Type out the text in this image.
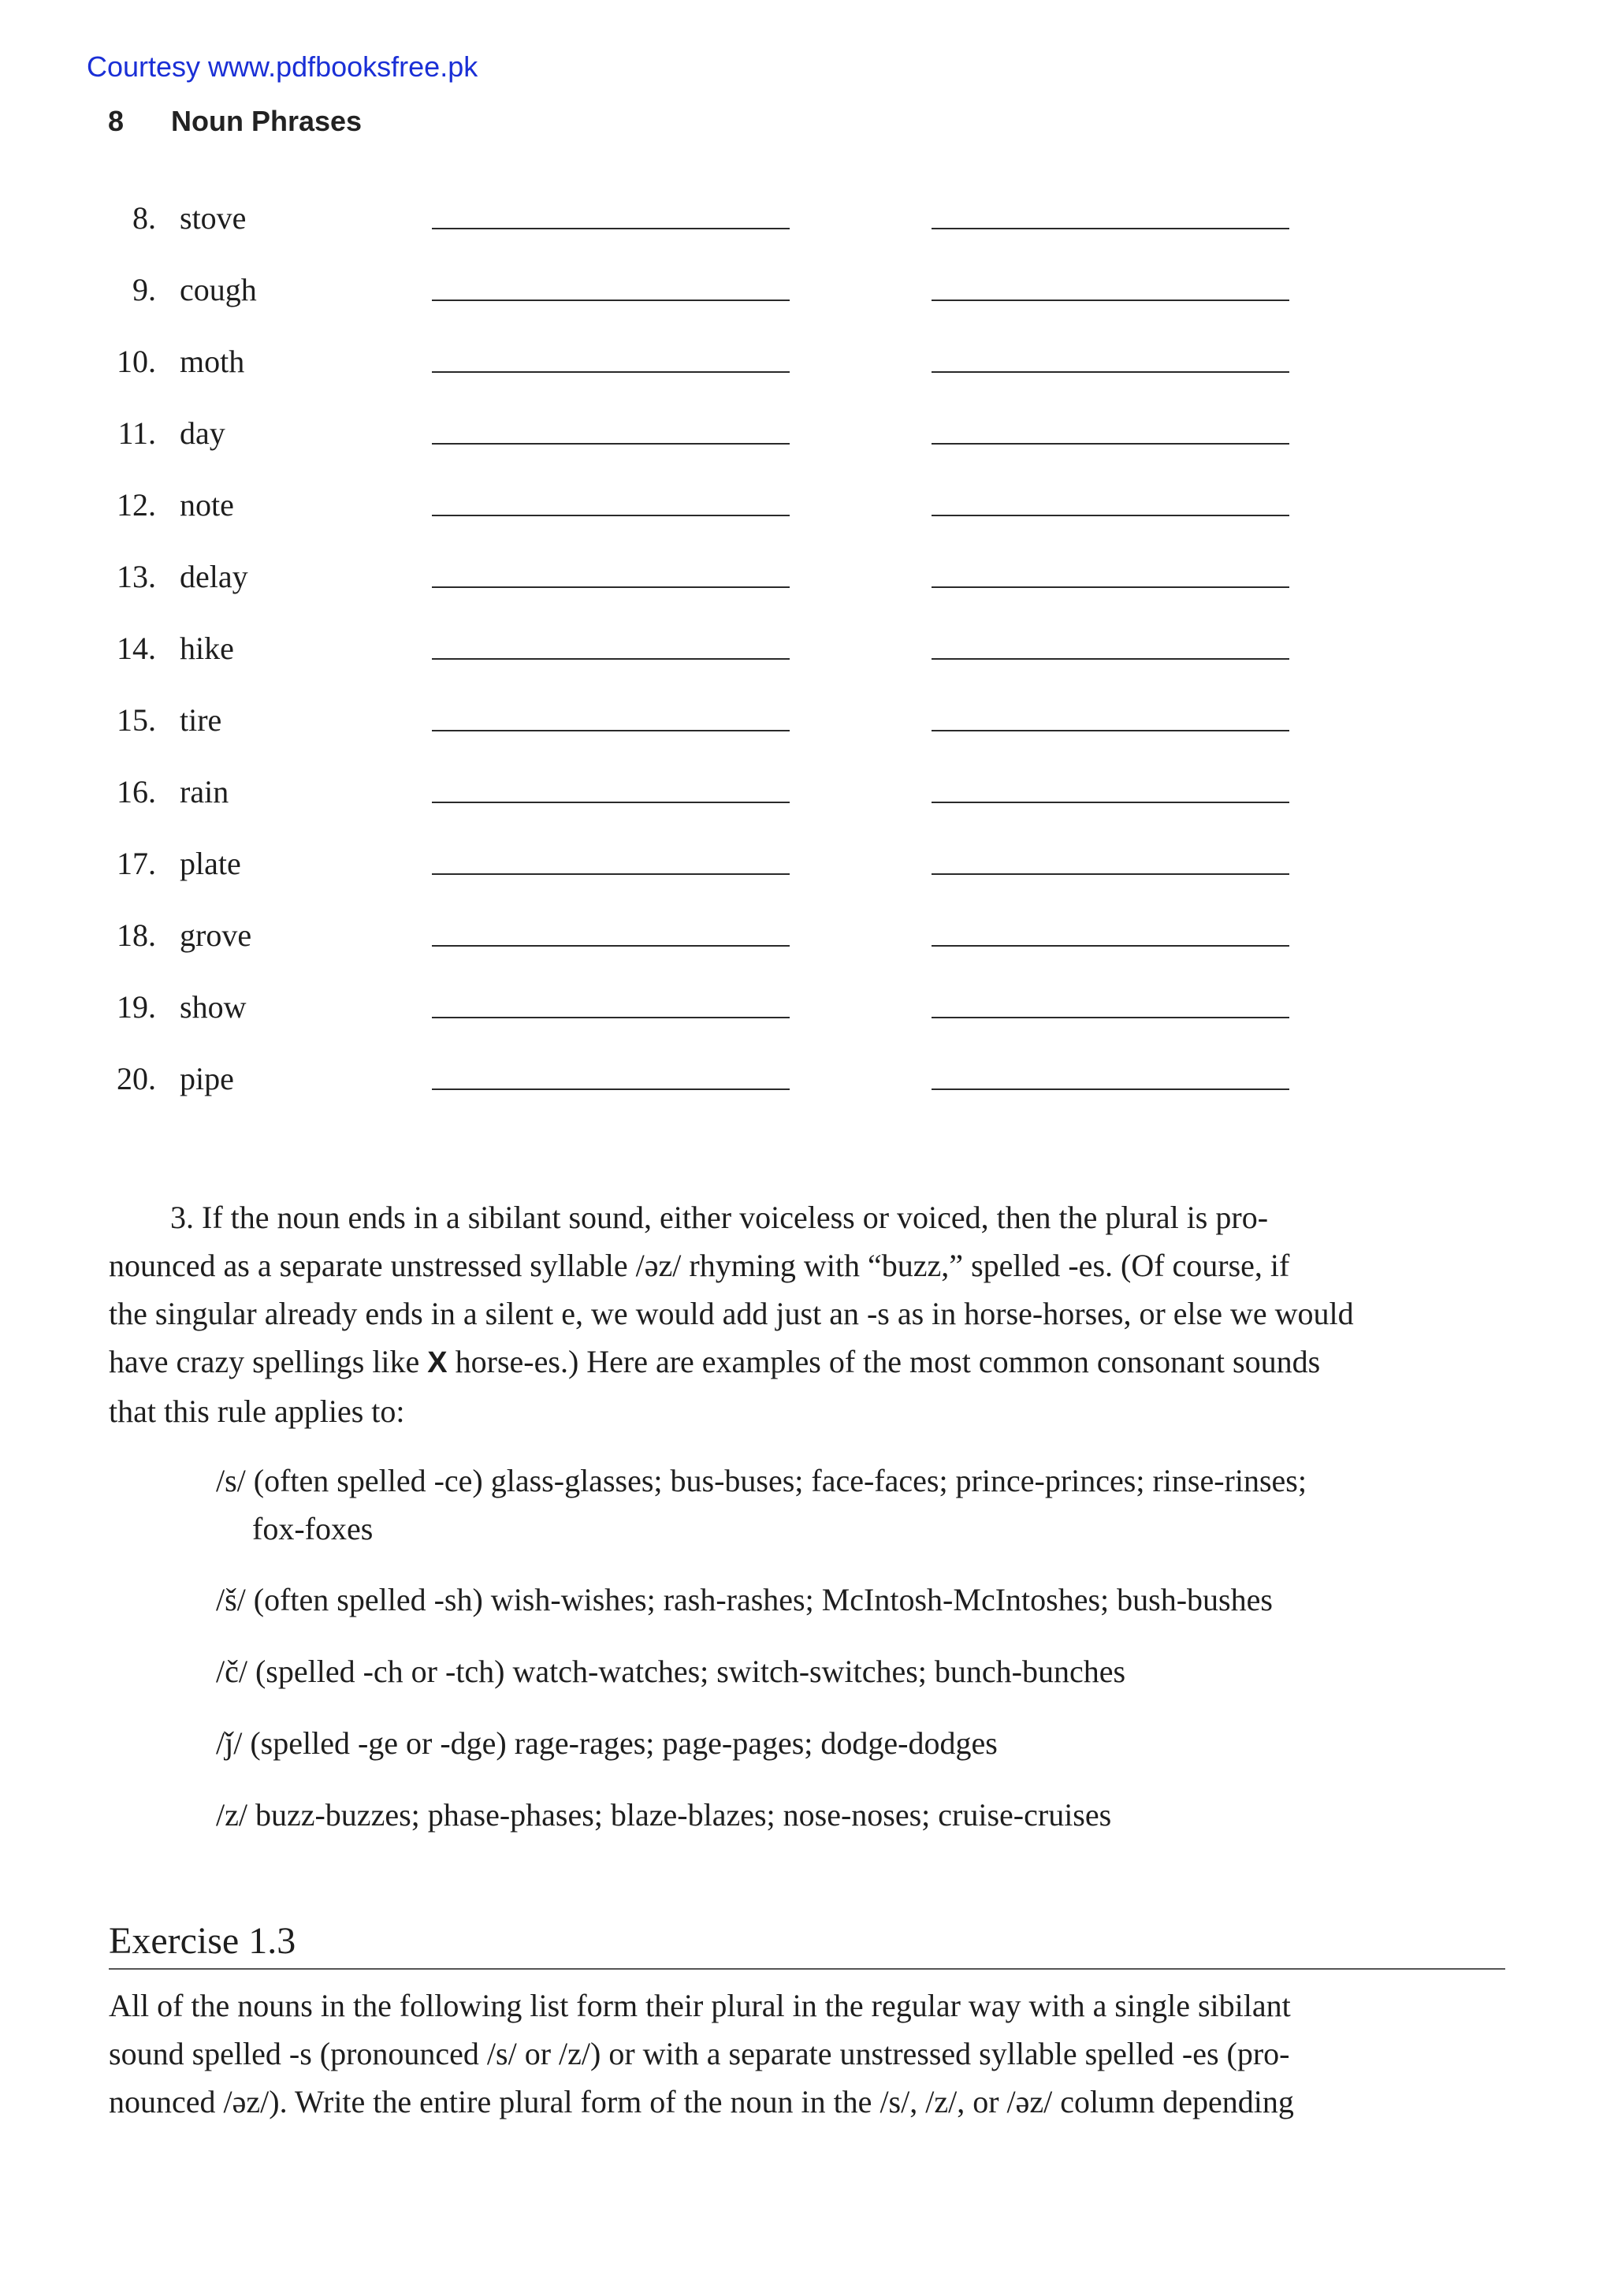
Courtesy www.pdfbooksfree.pk
8 Noun Phrases
8. stove
9. cough
10. moth
11. day
12. note
13. delay
14. hike
15. tire
16. rain
17. plate
18. grove
19. show
20. pipe
3. If the noun ends in a sibilant sound, either voiceless or voiced, then the plural is pro-
nounced as a separate unstressed syllable /əz/ rhyming with “buzz,” spelled -es. (Of course, if
the singular already ends in a silent e, we would add just an -s as in horse-horses, or else we would
have crazy spellings like X horse-es.) Here are examples of the most common consonant sounds
that this rule applies to:
/s/ (often spelled -ce) glass-glasses; bus-buses; face-faces; prince-princes; rinse-rinses;
fox-foxes
/š/ (often spelled -sh) wish-wishes; rash-rashes; McIntosh-McIntoshes; bush-bushes
/č/ (spelled -ch or -tch) watch-watches; switch-switches; bunch-bunches
/ǰ/ (spelled -ge or -dge) rage-rages; page-pages; dodge-dodges
/z/ buzz-buzzes; phase-phases; blaze-blazes; nose-noses; cruise-cruises
Exercise 1.3
All of the nouns in the following list form their plural in the regular way with a single sibilant
sound spelled -s (pronounced /s/ or /z/) or with a separate unstressed syllable spelled -es (pro-
nounced /əz/). Write the entire plural form of the noun in the /s/, /z/, or /əz/ column depending
